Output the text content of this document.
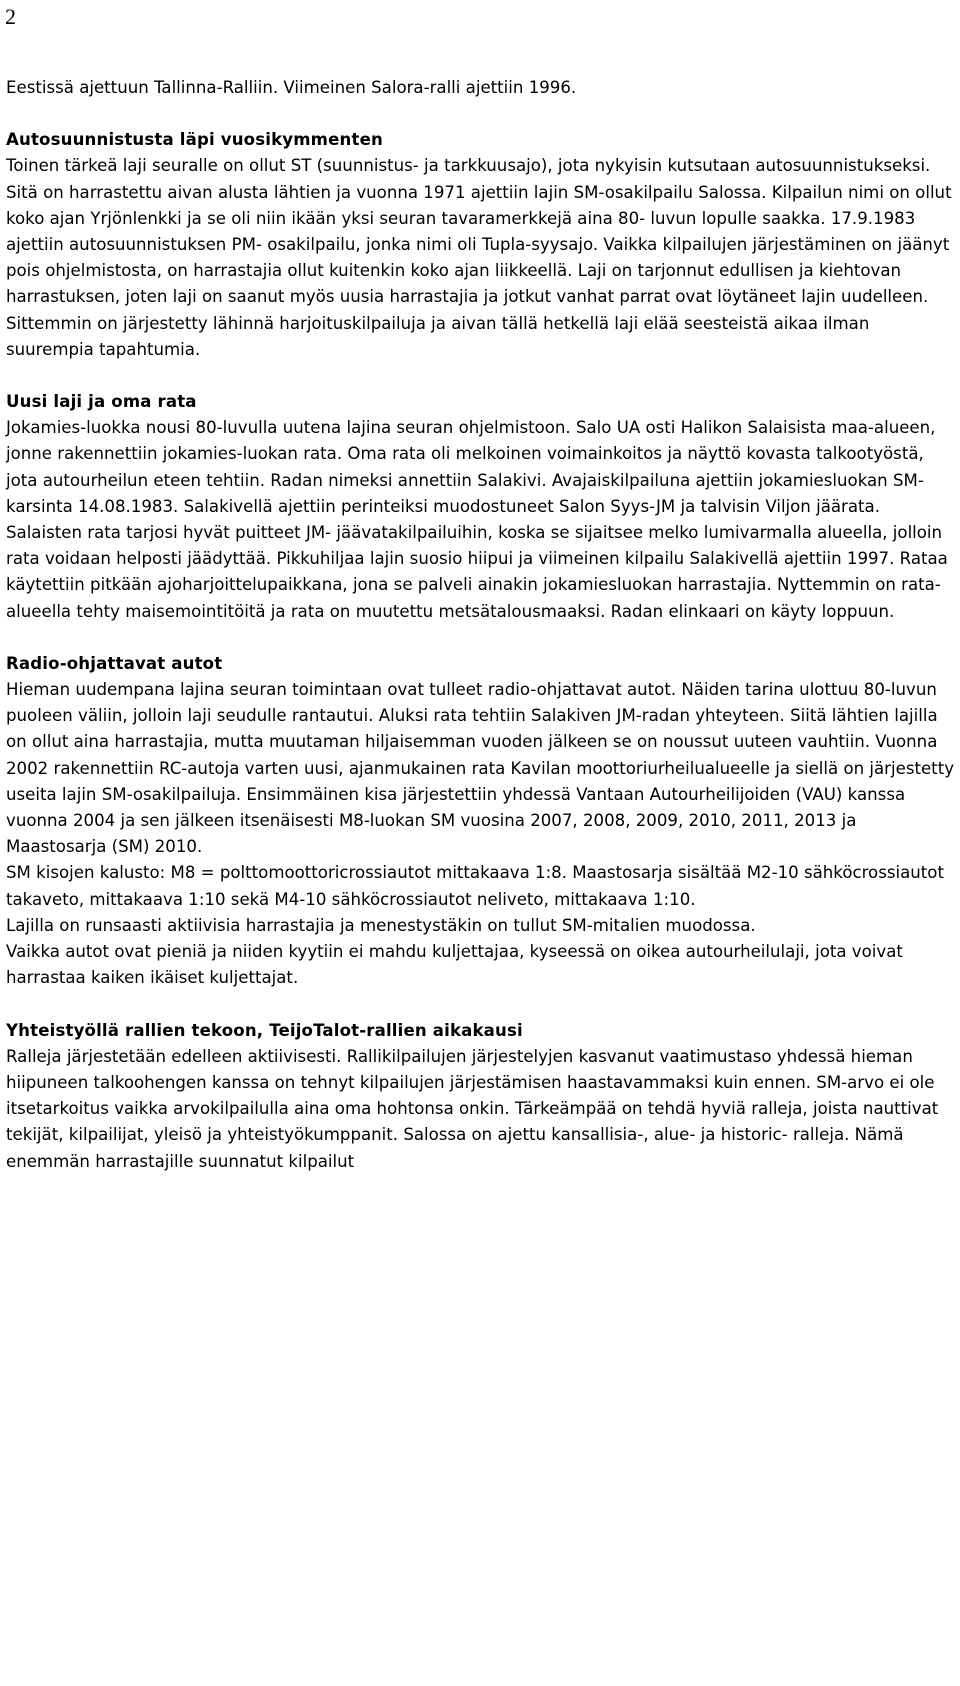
2

Eestissä ajettuun Tallinna-Ralliin. Viimeinen Salora-ralli ajettiin 1996.

Autosuunnistusta läpi vuosikymmenten

Toinen tärkeä laji seuralle on ollut ST (suunnistus- ja tarkkuusajo), jota nykyisin kutsutaan autosuunnistukseksi. Sitä on harrastettu aivan alusta lähtien ja vuonna 1971 ajettiin lajin SM-osakilpailu Salossa. Kilpailun nimi on ollut koko ajan Yrjönlenkki ja se oli niin ikään yksi seuran tavaramerkkejä aina 80- luvun lopulle saakka. 17.9.1983 ajettiin autosuunnistuksen PM- osakilpailu, jonka nimi oli Tupla-syysajo. Vaikka kilpailujen järjestäminen on jäänyt pois ohjelmistosta, on harrastajia ollut kuitenkin koko ajan liikkeellä. Laji on tarjonnut edullisen ja kiehtovan harrastuksen, joten laji on saanut myös uusia harrastajia ja jotkut vanhat parrat ovat löytäneet lajin uudelleen. Sittemmin on järjestetty lähinnä harjoituskilpailuja ja aivan tällä hetkellä laji elää seesteistä aikaa ilman suurempia tapahtumia.

Uusi laji ja oma rata

Jokamies-luokka nousi 80-luvulla uutena lajina seuran ohjelmistoon. Salo UA osti Halikon Salaisista maa-alueen, jonne rakennettiin jokamies-luokan rata. Oma rata oli melkoinen voimainkoitos ja näyttö kovasta talkootyöstä, jota autourheilun eteen tehtiin. Radan nimeksi annettiin Salakivi. Avajaiskilpailuna ajettiin jokamiesluokan SM-karsinta 14.08.1983. Salakivellä ajettiin perinteiksi muodostuneet Salon Syys-JM ja talvisin Viljon jäärata. Salaisten rata tarjosi hyvät puitteet JM- jäävatakilpailuihin, koska se sijaitsee melko lumivarmalla alueella, jolloin rata voidaan helposti jäädyttää. Pikkuhiljaa lajin suosio hiipui ja viimeinen kilpailu Salakivellä ajettiin 1997. Rataa käytettiin pitkään ajoharjoittelupaikkana, jona se palveli ainakin jokamiesluokan harrastajia. Nyttemmin on rata-alueella tehty maisemointitöitä ja rata on muutettu metsätalousmaaksi. Radan elinkaari on käyty loppuun.

Radio-ohjattavat autot

Hieman uudempana lajina seuran toimintaan ovat tulleet radio-ohjattavat autot. Näiden tarina ulottuu 80-luvun puoleen väliin, jolloin laji seudulle rantautui. Aluksi rata tehtiin Salakiven JM-radan yhteyteen. Siitä lähtien lajilla on ollut aina harrastajia, mutta muutaman hiljaisemman vuoden jälkeen se on noussut uuteen vauhtiin. Vuonna 2002 rakennettiin RC-autoja varten uusi, ajanmukainen rata Kavilan moottoriurheilualueelle ja siellä on järjestetty useita lajin SM-osakilpailuja. Ensimmäinen kisa järjestettiin yhdessä Vantaan Autourheilijoiden (VAU) kanssa vuonna 2004 ja sen jälkeen itsenäisesti M8-luokan SM vuosina 2007, 2008, 2009, 2010, 2011, 2013 ja Maastosarja (SM) 2010.

SM kisojen kalusto: M8 = polttomoottoricrossiautot mittakaava 1:8. Maastosarja sisältää M2-10 sähköcrossiautot takaveto, mittakaava 1:10 sekä M4-10 sähköcrossiautot neliveto, mittakaava 1:10.

Lajilla on runsaasti aktiivisia harrastajia ja menestystäkin on tullut SM-mitalien muodossa.

Vaikka autot ovat pieniä ja niiden kyytiin ei mahdu kuljettajaa, kyseessä on oikea autourheilulaji, jota voivat harrastaa kaiken ikäiset kuljettajat.

Yhteistyöllä rallien tekoon, TeijoTalot-rallien aikakausi

Ralleja järjestetään edelleen aktiivisesti. Rallikilpailujen järjestelyjen kasvanut vaatimustaso yhdessä hieman hiipuneen talkoohengen kanssa on tehnyt kilpailujen järjestämisen haastavammaksi kuin ennen. SM-arvo ei ole itsetarkoitus vaikka arvokilpailulla aina oma hohtonsa onkin. Tärkeämpää on tehdä hyviä ralleja, joista nauttivat tekijät, kilpailijat, yleisö ja yhteistyökumppanit. Salossa on ajettu kansallisia-, alue- ja historic- ralleja. Nämä enemmän harrastajille suunnatut kilpailut
